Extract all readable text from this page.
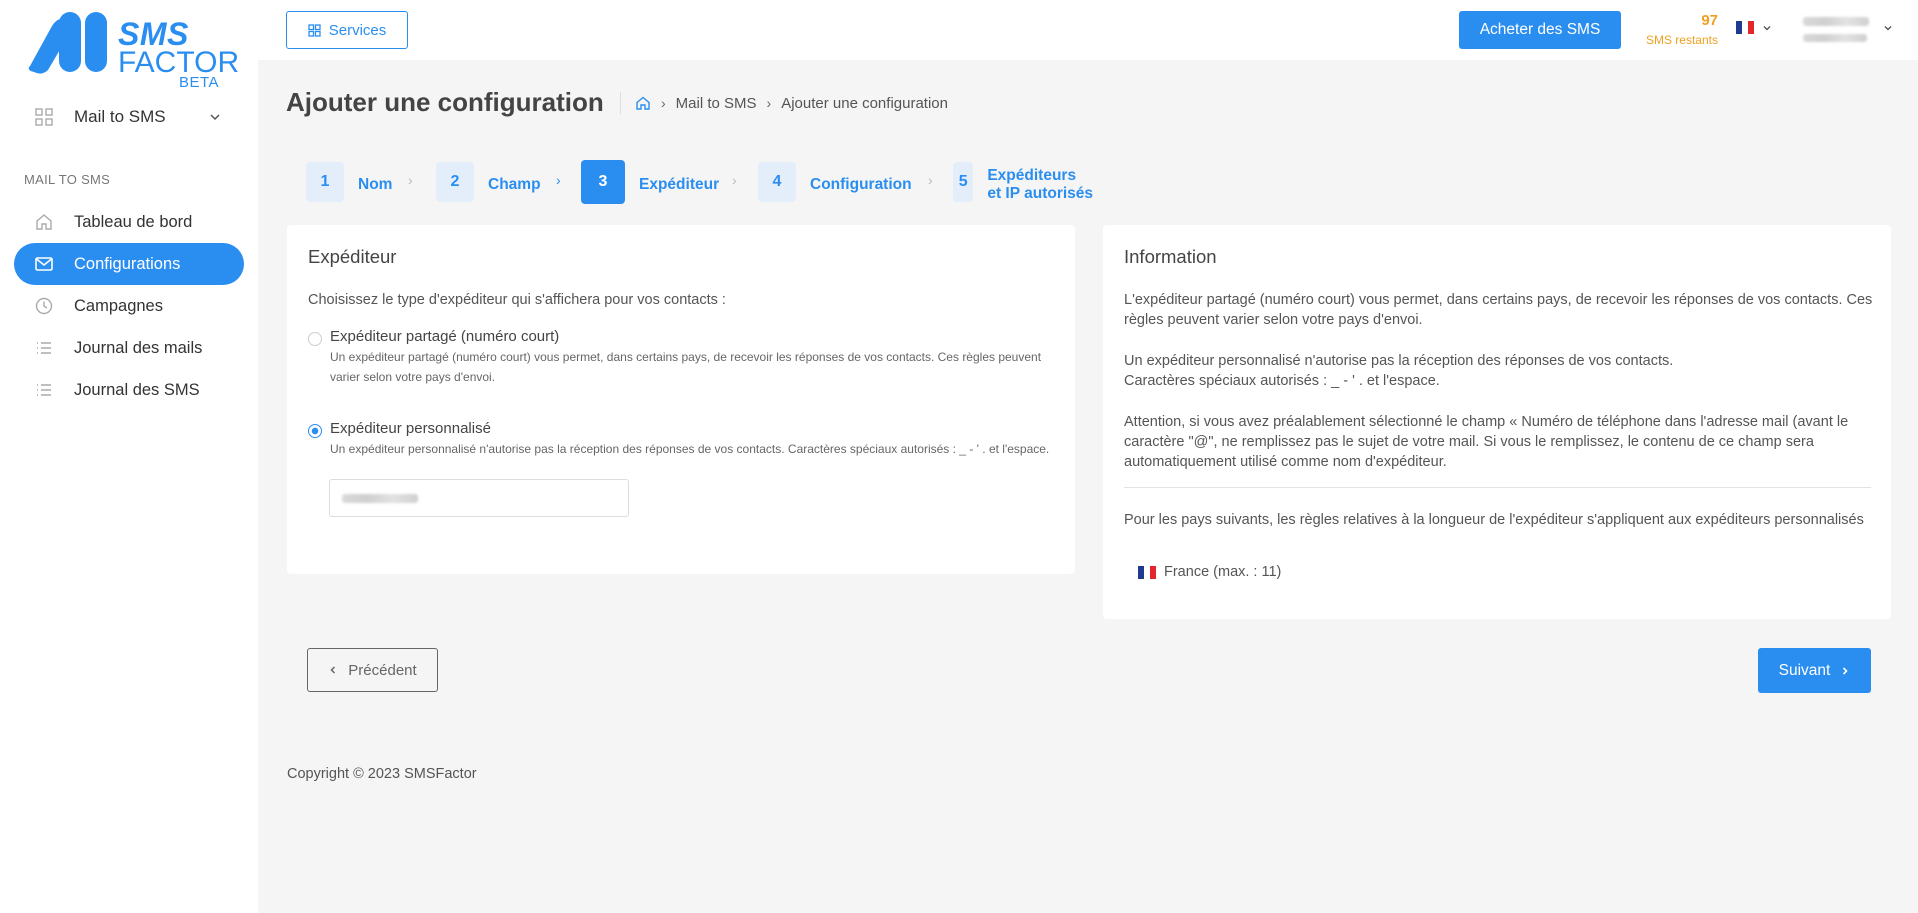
SMS
FACTOR
BETA
Mail to SMS
MAIL TO SMS
Tableau de bord
Configurations
Campagnes
Journal des mails
Journal des SMS
Services	Acheter des SMS
97
SMS restants
Ajouter une configuration	› Mail to SMS › Ajouter une configuration
1	Nom ›	2	Champ ›	3	Expéditeur ›	4	Configuration ›	5	Expéditeurs et IP autorisés
Expéditeur
Choisissez le type d'expéditeur qui s'affichera pour vos contacts :
Expéditeur partagé (numéro court)
Un expéditeur partagé (numéro court) vous permet, dans certains pays, de recevoir les réponses de vos contacts. Ces règles peuvent varier selon votre pays d'envoi.
Expéditeur personnalisé
Un expéditeur personnalisé n'autorise pas la réception des réponses de vos contacts. Caractères spéciaux autorisés : _ - ' . et l'espace.
Information

L'expéditeur partagé (numéro court) vous permet, dans certains pays, de recevoir les réponses de vos contacts. Ces règles peuvent varier selon votre pays d'envoi.

Un expéditeur personnalisé n'autorise pas la réception des réponses de vos contacts.

Caractères spéciaux autorisés : _ - ' . et l'espace.

Attention, si vous avez préalablement sélectionné le champ « Numéro de téléphone dans l'adresse mail (avant le caractère "@", ne remplissez pas le sujet de votre mail. Si vous le remplissez, le contenu de ce champ sera automatiquement utilisé comme nom d'expéditeur.

Pour les pays suivants, les règles relatives à la longueur de l'expéditeur s'appliquent aux expéditeurs personnalisés

France (max. : 11)
Précédent	Suivant
Copyright © 2023 SMSFactor
